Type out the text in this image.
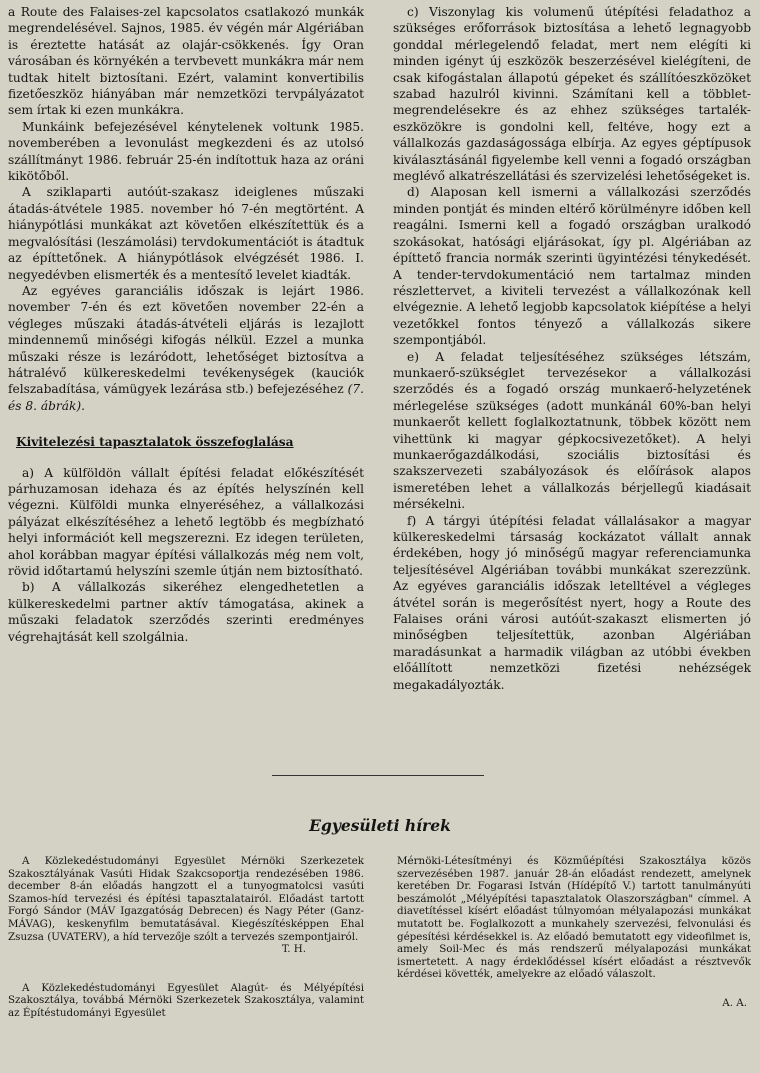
a Route des Falaises-zel kapcsolatos csatlakozó munkák megrendelésével. Sajnos, 1985. év végén már Algériában is éreztette hatását az olajár-csökkenés. Így Oran városában és környékén a tervbevett munkákra már nem tudtak hitelt biztosítani. Ezért, valamint konvertibilis fizetőeszköz hiányában már nemzetközi tervpályázatot sem írtak ki ezen munkákra.

Munkáink befejezésével kénytelenek voltunk 1985. novemberében a levonulást megkezdeni és az utolsó szállítmányt 1986. február 25-én indítottuk haza az oráni kikötőből.

A sziklaparti autóút-szakasz ideiglenes műszaki átadás-átvétele 1985. november hó 7-én megtörtént. A hiánypótlási munkákat azt követően elkészítettük és a megvalósítási (leszámolási) tervdokumentációt is átadtuk az építtetőnek. A hiánypótlások elvégzését 1986. I. negyedévben elismerték és a mentesítő levelet kiadták.

Az egyéves garanciális időszak is lejárt 1986. november 7-én és ezt követően november 22-én a végleges műszaki átadás-átvételi eljárás is lezajlott mindennemű minőségi kifogás nélkül. Ezzel a munka műszaki része is lezáródott, lehetőséget biztosítva a hátralévő külkereskedelmi tevékenységek (kauciók felszabadítása, vámügyek lezárása stb.) befejezéséhez (7. és 8. ábrák).

Kivitelezési tapasztalatok összefoglalása

a) A külföldön vállalt építési feladat előkészítését párhuzamosan idehaza és az építés helyszínén kell végezni. Külföldi munka elnyeréséhez, a vállalkozási pályázat elkészítéséhez a lehető legtöbb és megbízható helyi információt kell megszerezni. Ez idegen területen, ahol korábban magyar építési vállalkozás még nem volt, rövid időtartamú helyszíni szemle útján nem biztosítható.

b) A vállalkozás sikeréhez elengedhetetlen a külkereskedelmi partner aktív támogatása, akinek a műszaki feladatok szerződés szerinti eredményes végrehajtását kell szolgálnia.

c) Viszonylag kis volumenű útépítési feladathoz a szükséges erőforrások biztosítása a lehető legnagyobb gonddal mérlegelendő feladat, mert nem elégíti ki minden igényt új eszközök beszerzésével kielégíteni, de csak kifogástalan állapotú gépeket és szállítóeszközöket szabad hazulról kivinni. Számítani kell a többlet-megrendelésekre és az ehhez szükséges tartalék-eszközökre is gondolni kell, feltéve, hogy ezt a vállalkozás gazdaságossága elbírja. Az egyes géptípusok kiválasztásánál figyelembe kell venni a fogadó országban meglévő alkatrészellátási és szervizelési lehetőségeket is.

d) Alaposan kell ismerni a vállalkozási szerződés minden pontját és minden eltérő körülményre időben kell reagálni. Ismerni kell a fogadó országban uralkodó szokásokat, hatósági eljárásokat, így pl. Algériában az építtető francia normák szerinti ügyintézési ténykedését. A tender-tervdokumentáció nem tartalmaz minden részlettervet, a kiviteli tervezést a vállalkozónak kell elvégeznie. A lehető legjobb kapcsolatok kiépítése a helyi vezetőkkel fontos tényező a vállalkozás sikere szempontjából.

e) A feladat teljesítéséhez szükséges létszám, munkaerő-szükséglet tervezésekor a vállalkozási szerződés és a fogadó ország munkaerő-helyzetének mérlegelése szükséges (adott munkánál 60%-ban helyi munkaerőt kellett foglalkoztatnunk, többek között nem vihettünk ki magyar gépkocsivezetőket). A helyi munkaerőgazdálkodási, szociális biztosítási és szakszervezeti szabályozások és előírások alapos ismeretében lehet a vállalkozás bérjellegű kiadásait mérsékelni.

f) A tárgyi útépítési feladat vállalásakor a magyar külkereskedelmi társaság kockázatot vállalt annak érdekében, hogy jó minőségű magyar referenciamunka teljesítésével Algériában további munkákat szerezzünk. Az egyéves garanciális időszak letelltével a végleges átvétel során is megerősítést nyert, hogy a Route des Falaises oráni városi autóút-szakaszt elismerten jó minőségben teljesítettük, azonban Algériában maradásunkat a harmadik világban az utóbbi években előállított nemzetközi fizetési nehézségek megakadályozták.

Egyesületi hírek

A Közlekedéstudományi Egyesület Mérnöki Szerkezetek Szakosztályának Vasúti Hidak Szakcsoportja rendezésében 1986. december 8-án előadás hangzott el a tunyogmatolcsi vasúti Szamos-híd tervezési és építési tapasztalatairól. Előadást tartott Forgó Sándor (MÁV Igazgatóság Debrecen) és Nagy Péter (Ganz-MÁVAG), keskenyfilm bemutatásával. Kiegészítésképpen Ehal Zsuzsa (UVATERV), a híd tervezője szólt a tervezés szempontjairól.

T. H.

A Közlekedéstudományi Egyesület Alagút- és Mélyépítési Szakosztálya, továbbá Mérnöki Szerkezetek Szakosztálya, valamint az Építéstudományi Egyesület

Mérnöki-Létesítményi és Közműépítési Szakosztálya közös szervezésében 1987. január 28-án előadást rendezett, amelynek keretében Dr. Fogarasi István (Hídépítő V.) tartott tanulmányúti beszámolót „Mélyépítési tapasztalatok Olaszországban" címmel. A diavetítéssel kísért előadást túlnyomóan mélyalapozási munkákat mutatott be. Foglalkozott a munkahely szervezési, felvonulási és gépesítési kérdésekkel is. Az előadó bemutatott egy videofilmet is, amely Soil-Mec és más rendszerű mélyalapozási munkákat ismertetett. A nagy érdeklődéssel kísért előadást a résztvevők kérdései követték, amelyekre az előadó válaszolt.

A. A.
